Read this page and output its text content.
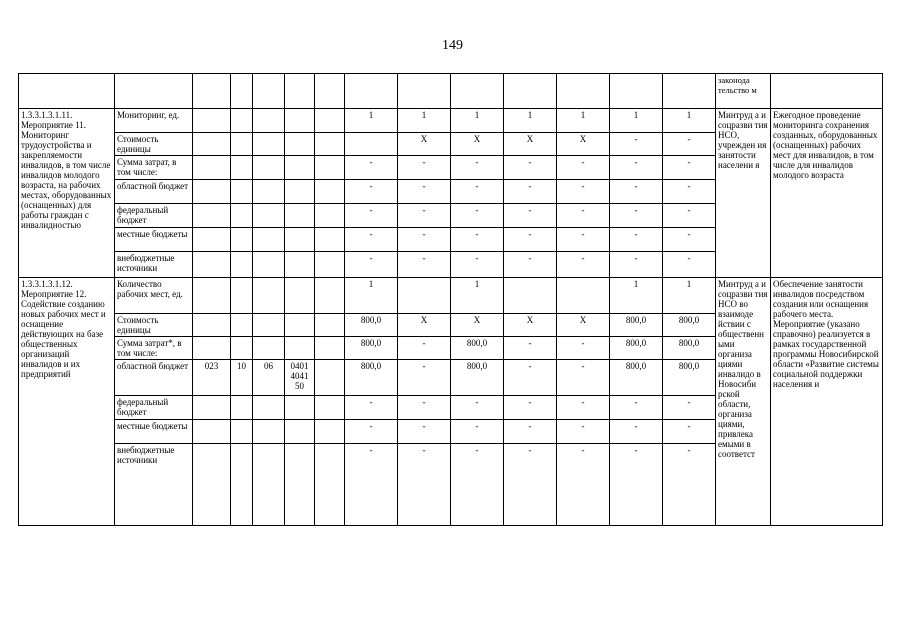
149
														законода тельство м	
1.3.3.1.3.1.11. Мероприятие 11. Мониторинг трудоустройства и закрепляемости инвалидов, в том числе инвалидов молодого возраста, на рабочих местах, оборудованных (оснащенных) для работы граждан с инвалидностью	Мониторинг, ед.						1	1	1	1	1	1	1	Минтруд а и соцразви тия НСО, учрежден ия занятости населени я	Ежегодное проведение мониторинга сохранения созданных, оборудованных (оснащенных) рабочих мест для инвалидов, в том числе для инвалидов молодого возраста
	Стоимость единицы							X	X	X	X	-	-		
	Сумма затрат, в том числе:						-	-	-	-	-	-	-		
	областной бюджет						-	-	-	-	-	-	-		
	федеральный бюджет						-	-	-	-	-	-	-		
	местные бюджеты						-	-	-	-	-	-	-		
	внебюджетные источники						-	-	-	-	-	-	-		
1.3.3.1.3.1.12. Мероприятие 12. Содействие созданию новых рабочих мест и оснащение действующих на базе общественных организаций инвалидов и их предприятий	Количество рабочих мест, ед.						1		1			1	1	Минтруд а и соцразви тия НСО во взаимоде йствии с общественными организа циями инвалидо в Новосиби рской области, организа циями, привлека емыми в соответст	Обеспечение занятости инвалидов посредством создания или оснащения рабочего места. Мероприятие (указано справочно) реализуется в рамках государственной программы Новосибирской области «Развитие системы социальной поддержки населения и
	Стоимость единицы						800,0	X	X	X	X	800,0	800,0		
	Сумма затрат*, в том числе:						800,0	-	800,0	-	-	800,0	800,0		
	областной бюджет	023	10	06	0401 4041 50		800,0	-	800,0	-	-	800,0	800,0		
	федеральный бюджет						-	-	-	-	-	-	-		
	местные бюджеты						-	-	-	-	-	-	-		
	внебюджетные источники						-	-	-	-	-	-	-		
